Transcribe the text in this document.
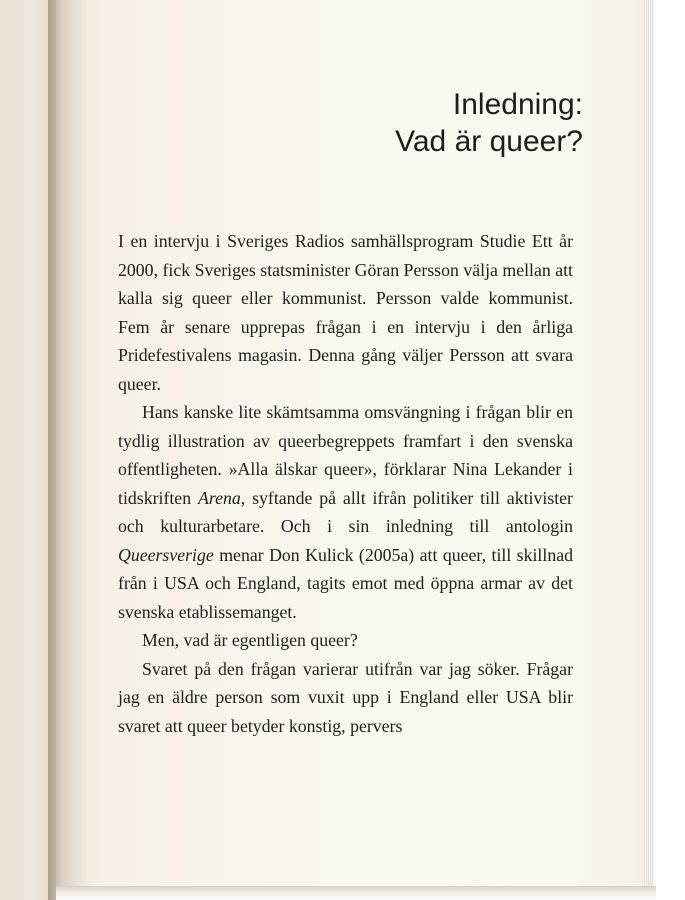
Inledning:
Vad är queer?

I en intervju i Sveriges Radios samhällsprogram Studie Ett år 2000, fick Sveriges statsminister Göran Persson välja mellan att kalla sig queer eller kommunist. Persson valde kommunist. Fem år senare upprepas frågan i en intervju i den årliga Pridefestivalens magasin. Denna gång väljer Persson att svara queer.

Hans kanske lite skämtsamma omsvängning i frågan blir en tydlig illustration av queerbegreppets framfart i den svenska offentligheten. »Alla älskar queer», förklarar Nina Lekander i tidskriften Arena, syftande på allt ifrån politiker till aktivister och kulturarbetare. Och i sin inledning till antologin Queersverige menar Don Kulick (2005a) att queer, till skillnad från i USA och England, tagits emot med öppna armar av det svenska etablissemanget.

Men, vad är egentligen queer?

Svaret på den frågan varierar utifrån var jag söker. Frågar jag en äldre person som vuxit upp i England eller USA blir svaret att queer betyder konstig, pervers
